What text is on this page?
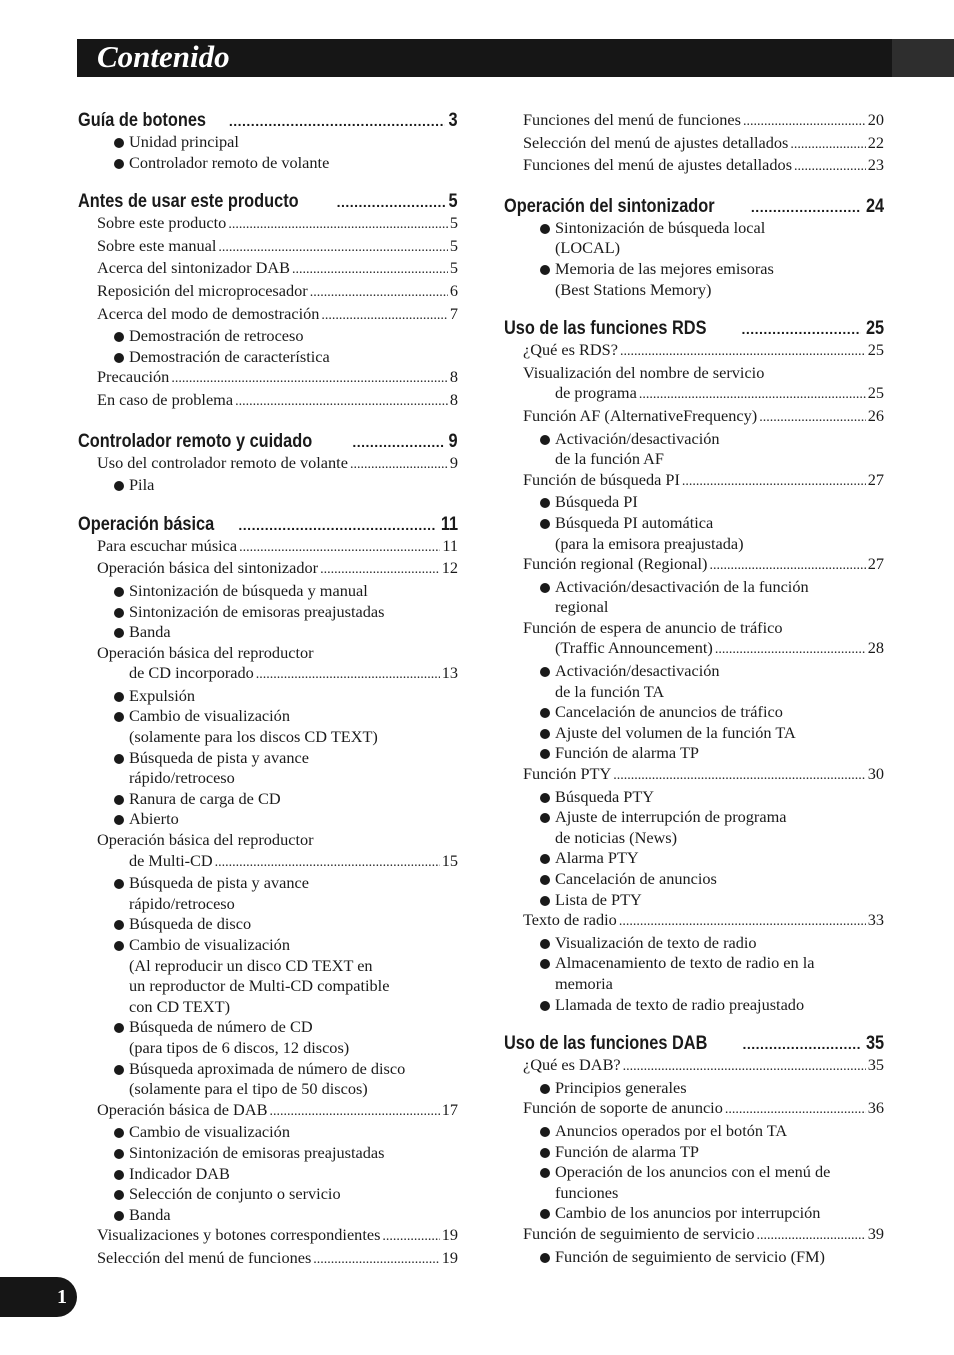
Contenido
Guía de botones .....	3
Unidad principal
Controlador remoto de volante
Antes de usar este producto .....	5
Sobre este producto .....	5
Sobre este manual .....	5
Acerca del sintonizador DAB .....	5
Reposición del microprocesador .....	6
Acerca del modo de demostración .....	7
Demostración de retroceso
Demostración de característica
Precaución .....	8
En caso de problema .....	8
Controlador remoto y cuidado .....	9
Uso del controlador remoto de volante .....	9
Pila
Operación básica .....	11
Para escuchar música .....	11
Operación básica del sintonizador .....	12
Sintonización de búsqueda y manual
Sintonización de emisoras preajustadas
Banda
Operación básica del reproductor
de CD incorporado .....	13
Expulsión
Cambio de visualización
(solamente para los discos CD TEXT)
Búsqueda de pista y avance
rápido/retroceso
Ranura de carga de CD
Abierto
Operación básica del reproductor
de Multi-CD .....	15
Búsqueda de pista y avance
rápido/retroceso
Búsqueda de disco
Cambio de visualización
(Al reproducir un disco CD TEXT en
un reproductor de Multi-CD compatible
con CD TEXT)
Búsqueda de número de CD
(para tipos de 6 discos, 12 discos)
Búsqueda aproximada de número de disco
(solamente para el tipo de 50 discos)
Operación básica de DAB .....	17
Cambio de visualización
Sintonización de emisoras preajustadas
Indicador DAB
Selección de conjunto o servicio
Banda
Visualizaciones y botones correspondientes .....	19
Selección del menú de funciones .....	19
Funciones del menú de funciones .....	20
Selección del menú de ajustes detallados .....	22
Funciones del menú de ajustes detallados .....	23
Operación del sintonizador .....	24
Sintonización de búsqueda local
(LOCAL)
Memoria de las mejores emisoras
(Best Stations Memory)
Uso de las funciones RDS .....	25
¿Qué es RDS? .....	25
Visualización del nombre de servicio
de programa .....	25
Función AF (AlternativeFrequency) .....	26
Activación/desactivación
de la función AF
Función de búsqueda PI .....	27
Búsqueda PI
Búsqueda PI automática
(para la emisora preajustada)
Función regional (Regional) .....	27
Activación/desactivación de la función
regional
Función de espera de anuncio de tráfico
(Traffic Announcement) .....	28
Activación/desactivación
de la función TA
Cancelación de anuncios de tráfico
Ajuste del volumen de la función TA
Función de alarma TP
Función PTY .....	30
Búsqueda PTY
Ajuste de interrupción de programa
de noticias (News)
Alarma PTY
Cancelación de anuncios
Lista de PTY
Texto de radio .....	33
Visualización de texto de radio
Almacenamiento de texto de radio en la
memoria
Llamada de texto de radio preajustado
Uso de las funciones DAB .....	35
¿Qué es DAB? .....	35
Principios generales
Función de soporte de anuncio .....	36
Anuncios operados por el botón TA
Función de alarma TP
Operación de los anuncios con el menú de
funciones
Cambio de los anuncios por interrupción
Función de seguimiento de servicio .....	39
Función de seguimiento de servicio (FM)
1
